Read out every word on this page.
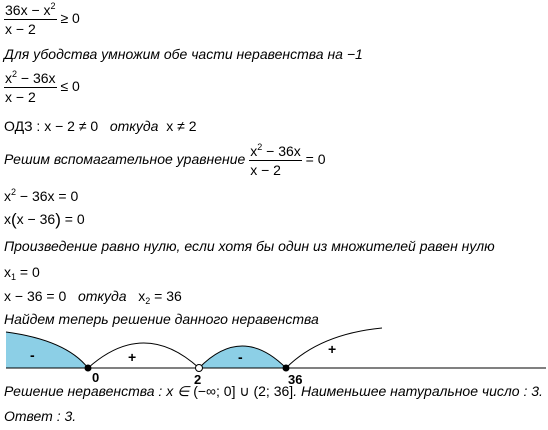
$\frac{36x - x^2}{x - 2} \ge 0$
Для убодства умножим обе части неравенства на −1
$\frac{x^2 - 36x}{x - 2} \le 0$
ОДЗ : x − 2 ≠ 0 откуда x ≠ 2
Решим вспомагательное уравнение $\frac{x^2 - 36x}{x - 2} = 0$
$x^2 - 36x = 0$
x(x − 36) = 0
Произведение равно нулю, если хотя бы один из множителей равен нулю
$x_1 = 0$
x − 36 = 0 откуда $x_2 = 36$
Найдем теперь решение данного неравенства
0	2	36
-	+	-	+
Решение неравенства : x ∈ (−∞; 0] ∪ (2; 36]. Наименьшее натуральное число : 3.
Ответ : 3.
